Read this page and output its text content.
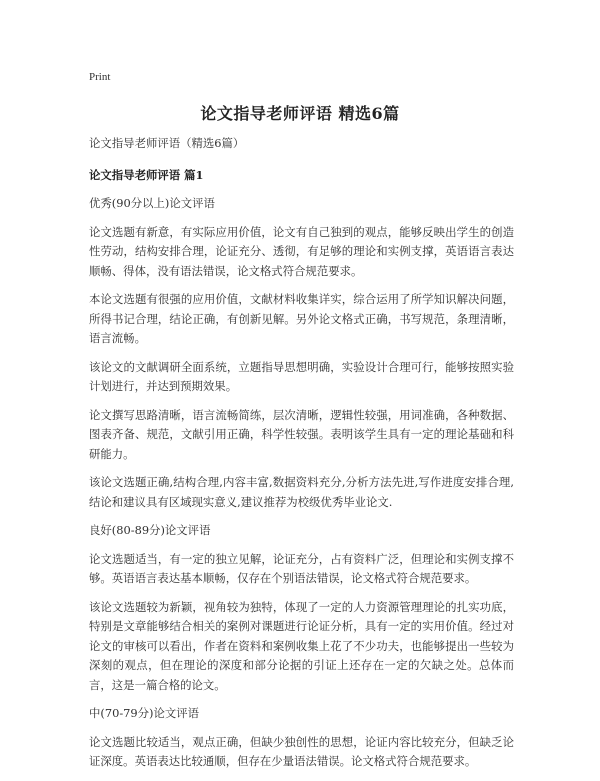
Print
论文指导老师评语 精选6篇
论文指导老师评语（精选6篇）
论文指导老师评语 篇1
优秀(90分以上)论文评语
论文选题有新意，有实际应用价值，论文有自己独到的观点，能够反映出学生的创造性劳动，结构安排合理，论证充分、透彻，有足够的理论和实例支撑，英语语言表达顺畅、得体，没有语法错误，论文格式符合规范要求。
本论文选题有很强的应用价值，文献材料收集详实，综合运用了所学知识解决问题，所得书记合理，结论正确，有创新见解。另外论文格式正确，书写规范，条理清晰，语言流畅。
该论文的文献调研全面系统，立题指导思想明确，实验设计合理可行，能够按照实验计划进行，并达到预期效果。
论文撰写思路清晰，语言流畅简练，层次清晰，逻辑性较强，用词准确，各种数据、图表齐备、规范，文献引用正确，科学性较强。表明该学生具有一定的理论基础和科研能力。
该论文选题正确,结构合理,内容丰富,数据资料充分,分析方法先进,写作进度安排合理,结论和建议具有区域现实意义,建议推荐为校级优秀毕业论文.
良好(80-89分)论文评语
论文选题适当，有一定的独立见解，论证充分，占有资料广泛，但理论和实例支撑不够。英语语言表达基本顺畅，仅存在个别语法错误，论文格式符合规范要求。
该论文选题较为新颖，视角较为独特，体现了一定的人力资源管理理论的扎实功底，特别是文章能够结合相关的案例对课题进行论证分析，具有一定的实用价值。经过对论文的审核可以看出，作者在资料和案例收集上花了不少功夫，也能够提出一些较为深刻的观点，但在理论的深度和部分论据的引证上还存在一定的欠缺之处。总体而言，这是一篇合格的论文。
中(70-79分)论文评语
论文选题比较适当，观点正确，但缺少独创性的思想，论证内容比较充分，但缺乏论证深度。英语表达比较通顺，但存在少量语法错误。论文格式符合规范要求。
